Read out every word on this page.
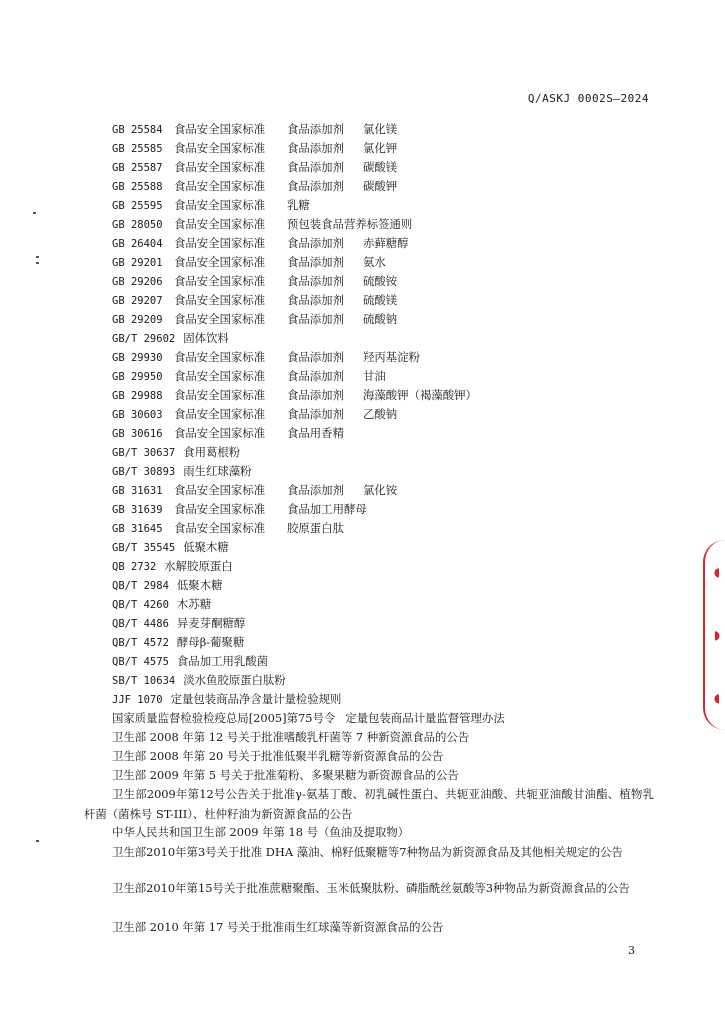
Q/ASKJ 0002S—2024
GB 25584 食品安全国家标准 食品添加剂 氯化镁
GB 25585 食品安全国家标准 食品添加剂 氯化钾
GB 25587 食品安全国家标准 食品添加剂 碳酸镁
GB 25588 食品安全国家标准 食品添加剂 碳酸钾
GB 25595 食品安全国家标准 乳糖
GB 28050 食品安全国家标准 预包装食品营养标签通则
GB 26404 食品安全国家标准 食品添加剂 赤藓糖醇
GB 29201 食品安全国家标准 食品添加剂 氨水
GB 29206 食品安全国家标准 食品添加剂 硫酸铵
GB 29207 食品安全国家标准 食品添加剂 硫酸镁
GB 29209 食品安全国家标准 食品添加剂 硫酸钠
GB/T 29602 固体饮料
GB 29930 食品安全国家标准 食品添加剂 羟丙基淀粉
GB 29950 食品安全国家标准 食品添加剂 甘油
GB 29988 食品安全国家标准 食品添加剂 海藻酸钾（褐藻酸钾）
GB 30603 食品安全国家标准 食品添加剂 乙酸钠
GB 30616 食品安全国家标准 食品用香精
GB/T 30637 食用葛根粉
GB/T 30893 雨生红球藻粉
GB 31631 食品安全国家标准 食品添加剂 氯化铵
GB 31639 食品安全国家标准 食品加工用酵母
GB 31645 食品安全国家标准 胶原蛋白肽
GB/T 35545 低聚木糖
QB 2732 水解胶原蛋白
QB/T 2984 低聚木糖
QB/T 4260 木苏糖
QB/T 4486 异麦芽酮糖醇
QB/T 4572 酵母β-葡聚糖
QB/T 4575 食品加工用乳酸菌
SB/T 10634 淡水鱼胶原蛋白肽粉
JJF 1070 定量包装商品净含量计量检验规则
国家质量监督检验检疫总局[2005]第75号令 定量包装商品计量监督管理办法
卫生部 2008 年第 12 号关于批准嗜酸乳杆菌等 7 种新资源食品的公告
卫生部 2008 年第 20 号关于批准低聚半乳糖等新资源食品的公告
卫生部 2009 年第 5 号关于批准菊粉、多聚果糖为新资源食品的公告
卫生部2009年第12号公告关于批准γ-氨基丁酸、初乳碱性蛋白、共轭亚油酸、共轭亚油酸甘油酯、植物乳杆菌（菌株号 ST-III）、杜仲籽油为新资源食品的公告
中华人民共和国卫生部 2009 年第 18 号（鱼油及提取物）
卫生部2010年第3号关于批准 DHA 藻油、棉籽低聚糖等7种物品为新资源食品及其他相关规定的公告
卫生部2010年第15号关于批准蔗糖聚酯、玉米低聚肽粉、磷脂酰丝氨酸等3种物品为新资源食品的公告
卫生部 2010 年第 17 号关于批准雨生红球藻等新资源食品的公告
3
◖
◗
◖
